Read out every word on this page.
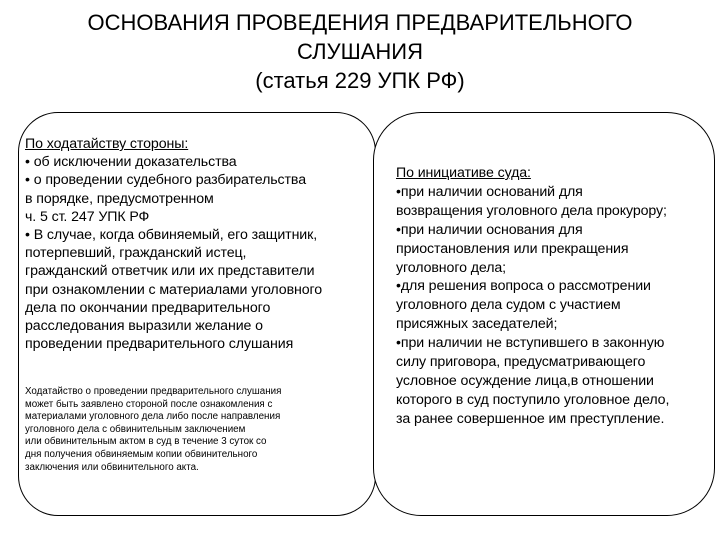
ОСНОВАНИЯ ПРОВЕДЕНИЯ ПРЕДВАРИТЕЛЬНОГО
СЛУШАНИЯ
(статья 229 УПК РФ)
По ходатайству стороны:
• об исключении доказательства
• о проведении судебного разбирательства
в порядке, предусмотренном
ч. 5 ст. 247 УПК РФ
• В случае, когда обвиняемый, его защитник,
потерпевший, гражданский истец,
гражданский ответчик или их представители
при ознакомлении с материалами уголовного
дела по окончании предварительного
расследования выразили желание о
проведении предварительного слушания
Ходатайство о проведении предварительного слушания
может быть заявлено стороной после ознакомления с
материалами уголовного дела либо после направления
уголовного дела с обвинительным заключением
или обвинительным актом в суд в течение 3 суток со
дня получения обвиняемым копии обвинительного
заключения или обвинительного акта.
По инициативе суда:
•при наличии оснований для
возвращения уголовного дела прокурору;
•при наличии основания для
приостановления или прекращения
уголовного дела;
•для решения вопроса о рассмотрении
уголовного дела судом с участием
присяжных заседателей;
•при наличии не вступившего в законную
силу приговора, предусматривающего
условное осуждение лица,в отношении
которого в суд поступило уголовное дело,
за ранее совершенное им преступление.
